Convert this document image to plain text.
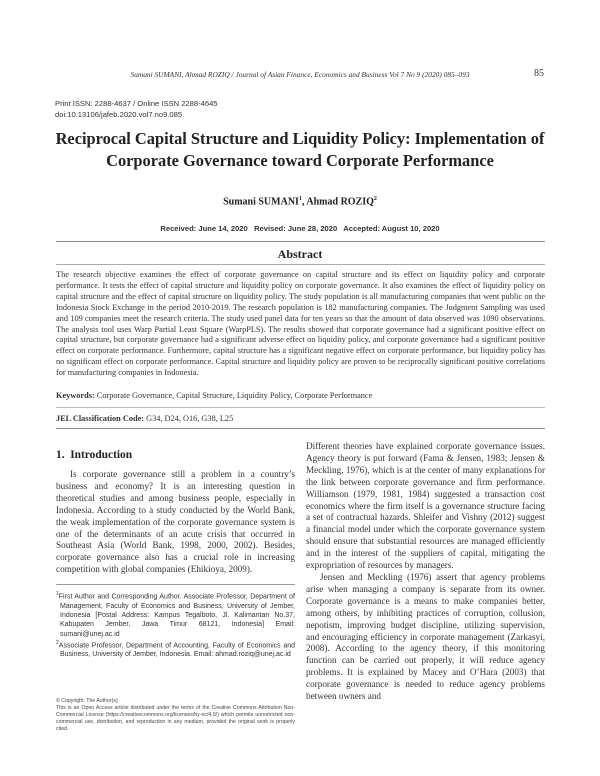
Sumani SUMANI, Ahmad ROZIQ / Journal of Asian Finance, Economics and Business Vol 7 No 9 (2020) 085–093	85
Print ISSN: 2288-4637 / Online ISSN 2288-4645
doi:10.13106/jafeb.2020.vol7.no9.085
Reciprocal Capital Structure and Liquidity Policy: Implementation of
Corporate Governance toward Corporate Performance
Sumani SUMANI$^1$, Ahmad ROZIQ$^2$
Received: June 14, 2020   Revised: June 28, 2020   Accepted: August 10, 2020
Abstract
The research objective examines the effect of corporate governance on capital structure and its effect on liquidity policy and corporate performance. It tests the effect of capital structure and liquidity policy on corporate governance. It also examines the effect of liquidity policy on capital structure and the effect of capital structure on liquidity policy. The study population is all manufacturing companies that went public on the Indonesia Stock Exchange in the period 2010-2019. The research population is 182 manufacturing companies. The Judgment Sampling was used and 109 companies meet the research criteria. The study used panel data for ten years so that the amount of data observed was 1090 observations. The analysis tool uses Warp Partial Least Square (WarpPLS). The results showed that corporate governance had a significant positive effect on capital structure, but corporate governance had a significant adverse effect on liquidity policy, and corporate governance had a significant positive effect on corporate performance. Furthermore, capital structure has a significant negative effect on corporate performance, but liquidity policy has no significant effect on corporate performance. Capital structure and liquidity policy are proven to be reciprocally significant positive correlations for manufacturing companies in Indonesia.
Keywords: Corporate Governance, Capital Structure, Liquidity Policy, Corporate Performance
JEL Classification Code: G34, D24, O16, G38, L25
1.  Introduction

Is corporate governance still a problem in a country’s business and economy? It is an interesting question in theoretical studies and among business people, especially in Indonesia. According to a study conducted by the World Bank, the weak implementation of the corporate governance system is one of the determinants of an acute crisis that occurred in Southeast Asia (World Bank, 1998, 2000, 2002). Besides, corporate governance also has a crucial role in increasing competition with global companies (Ehikioya, 2009).

$^1$First Author and Corresponding Author. Associate Professor, Department of Management, Faculty of Economics and Business, University of Jember, Indonesia [Postal Address: Kampus Tegalboto, Jl. Kalimantan No.37, Kabupaten Jember, Jawa Timur 68121, Indonesia] Email: sumani@unej.ac.id

$^2$Associate Professor, Department of Accounting, Faculty of Economics and Business, University of Jember, Indonesia. Email: ahmad.roziq@unej.ac.id

© Copyright: The Author(s)
This is an Open Access article distributed under the terms of the Creative Commons Attribution Non-Commercial License (https://creativecommons.org/licenses/by-nc/4.0/) which permits unrestricted non-commercial use, distribution, and reproduction in any medium, provided the original work is properly cited.

Different theories have explained corporate governance issues. Agency theory is put forward (Fama & Jensen, 1983; Jensen & Meckling, 1976), which is at the center of many explanations for the link between corporate governance and firm performance. Williamson (1979, 1981, 1984) suggested a transaction cost economics where the firm itself is a governance structure facing a set of contractual hazards. Shleifer and Vishny (2012) suggest a financial model under which the corporate governance system should ensure that substantial resources are managed efficiently and in the interest of the suppliers of capital, mitigating the expropriation of resources by managers.

Jensen and Meckling (1976) assert that agency problems arise when managing a company is separate from its owner. Corporate governance is a means to make companies better, among others, by inhibiting practices of corruption, collusion, nepotism, improving budget discipline, utilizing supervision, and encouraging efficiency in corporate management (Zarkasyi, 2008). According to the agency theory, if this monitoring function can be carried out properly, it will reduce agency problems. It is explained by Macey and O’Hara (2003) that corporate governance is needed to reduce agency problems between owners and
